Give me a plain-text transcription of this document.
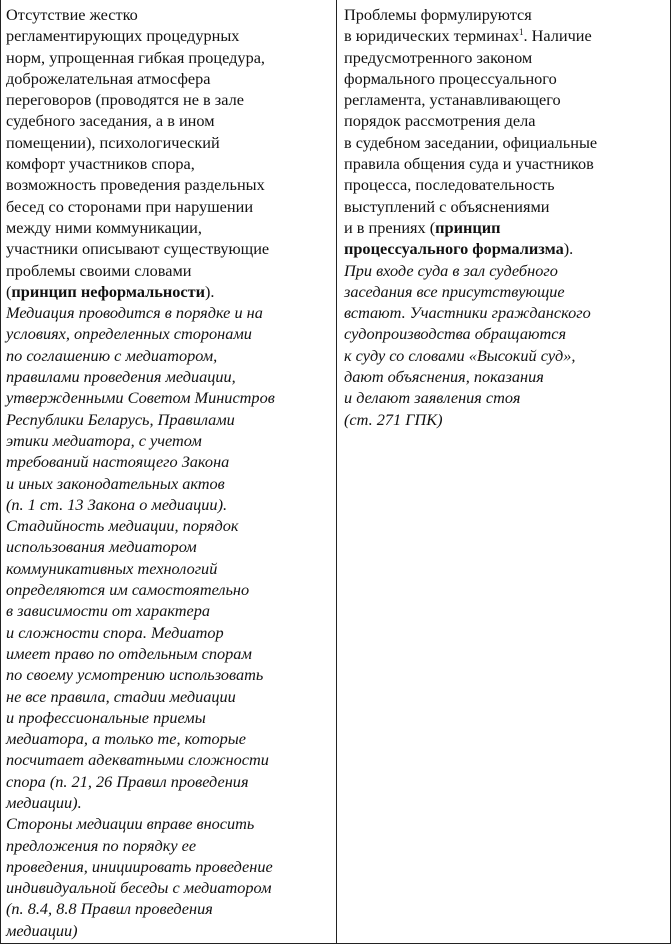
Отсутствие жестко
регламентирующих процедурных
норм, упрощенная гибкая процедура,
доброжелательная атмосфера
переговоров (проводятся не в зале
судебного заседания, а в ином
помещении), психологический
комфорт участников спора,
возможность проведения раздельных
бесед со сторонами при нарушении
между ними коммуникации,
участники описывают существующие
проблемы своими словами
(принцип неформальности).
Медиация проводится в порядке и на
условиях, определенных сторонами
по соглашению с медиатором,
правилами проведения медиации,
утвержденными Советом Министров
Республики Беларусь, Правилами
этики медиатора, с учетом
требований настоящего Закона
и иных законодательных актов
(п. 1 ст. 13 Закона о медиации).
Стадийность медиации, порядок
использования медиатором
коммуникативных технологий
определяются им самостоятельно
в зависимости от характера
и сложности спора. Медиатор
имеет право по отдельным спорам
по своему усмотрению использовать
не все правила, стадии медиации
и профессиональные приемы
медиатора, а только те, которые
посчитает адекватными сложности
спора (п. 21, 26 Правил проведения
медиации).
Стороны медиации вправе вносить
предложения по порядку ее
проведения, инициировать проведение
индивидуальной беседы с медиатором
(п. 8.4, 8.8 Правил проведения
медиации)
Проблемы формулируются
в юридических терминах$^1$. Наличие
предусмотренного законом
формального процессуального
регламента, устанавливающего
порядок рассмотрения дела
в судебном заседании, официальные
правила общения суда и участников
процесса, последовательность
выступлений с объяснениями
и в прениях (принцип
процессуального формализма).
При входе суда в зал судебного
заседания все присутствующие
встают. Участники гражданского
судопроизводства обращаются
к суду со словами «Высокий суд»,
дают объяснения, показания
и делают заявления стоя
(ст. 271 ГПК)
